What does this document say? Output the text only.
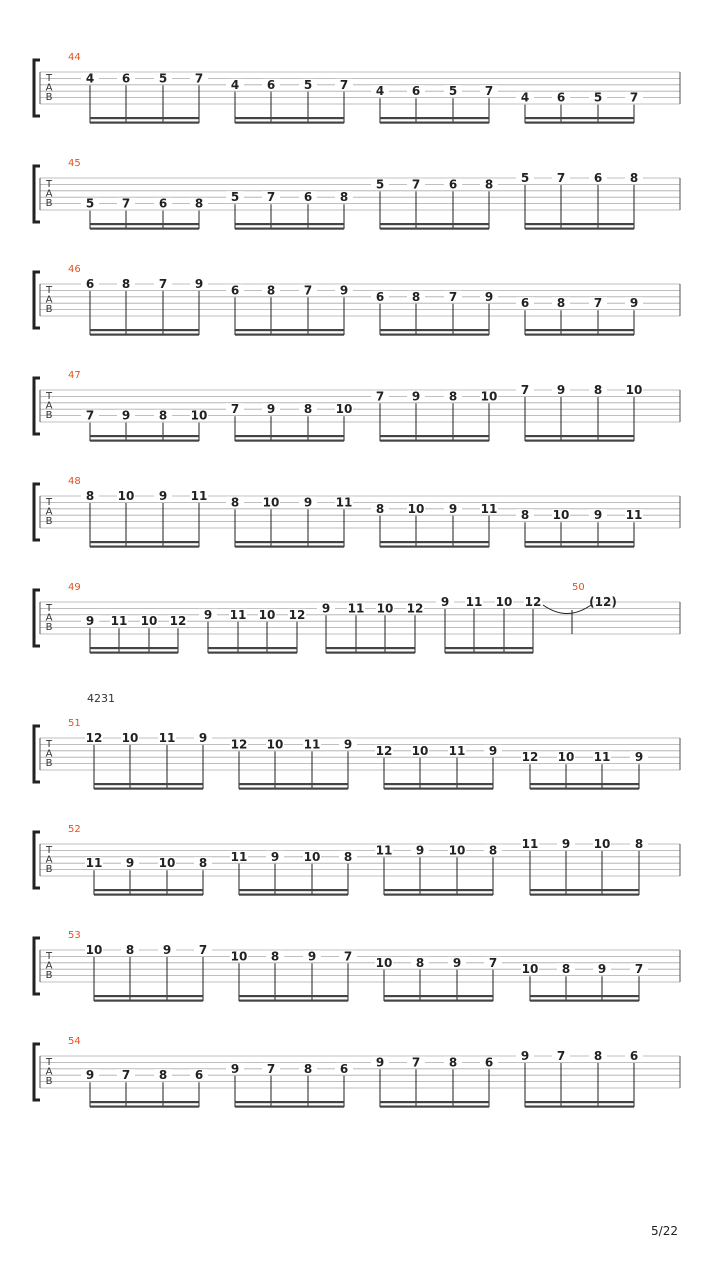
T
A
B
44
4 6 5 7 4 6 5 7 4 6 5 7 4 6 5 7
T
A
B
45
5 7 6 8 5 7 6 8
5 7 6 8 5 7 6 8
T
A
B
46
6 8 7 9 6 8 7 9 6 8 7 9 6 8 7 9
T
A
B
47
7 9 8 10 7 9 8 10
7 9 8 10 7 9 8 10
T
A
B
48
8 10 9 11 8 10 9 11 8 10 9 11 8 10 9 11
T
A
B
49
9 11 10 12 9 11 10 12 9 11 10 12 9 11 10 12
50
(12)
T
A
B
51
12 10 11 9 12 10 11 9 12 10 11 9 12 10 11 9
T
A
B
52
11 9 10 8 11 9 10 8 11 9 10 8 11 9 10 8
T
A
B
53
10 8 9 7 10 8 9 7 10 8 9 7 10 8 9 7
T
A
B
54
9 7 8 6 9 7 8 6 9 7 8 6 9 7 8 6
4231
5/22
